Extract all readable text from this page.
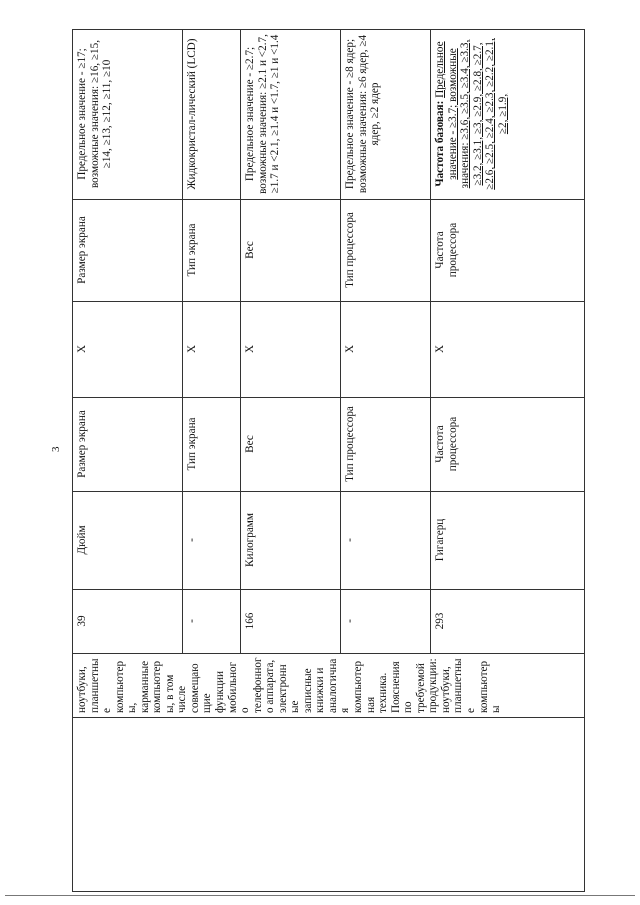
3
	ноутбуки, планшетные компьютеры, карманные компьютеры, в том числе совмещающие функции мобильного телефонного аппарата, электронные записные книжки и аналогичная компьютерная техника. Пояснения по требуемой продукции: ноутбуки, планшетные компьютеры	39	Дюйм	Размер экрана	Х	Размер экрана	Предельное значение - ≥17; возможные значения: ≥16, ≥15, ≥14, ≥13, ≥12, ≥11, ≥10	
		-	-	Тип экрана	Х	Тип экрана	Жидкокристал-лический (LCD)	
		166	Килограмм	Вес	Х	Вес	Предельное значение - ≥2.7; возможные значения: ≥2.1 и <2.7, ≥1.7 и <2.1, ≥1.4 и <1.7, ≥1 и <1.4	
		-	-	Тип процессора	Х	Тип процессора	Предельное значение - ≥8 ядер; возможные значения: ≥6 ядер, ≥4 ядер, ≥2 ядер	
		293	Гигагерц	Частота процессора	Х	Частота процессора	Частота базовая: Предельное значение - ≥3.7; возможные значения: ≥3.6, ≥3.5, ≥3.4, ≥3.3, ≥3.2, ≥3.1, ≥3, ≥2.9, ≥2.8, ≥2.7, ≥2.6, ≥2.5, ≥2.4, ≥2.3, ≥2.2, ≥2.1, ≥2, ≥1.9,	
